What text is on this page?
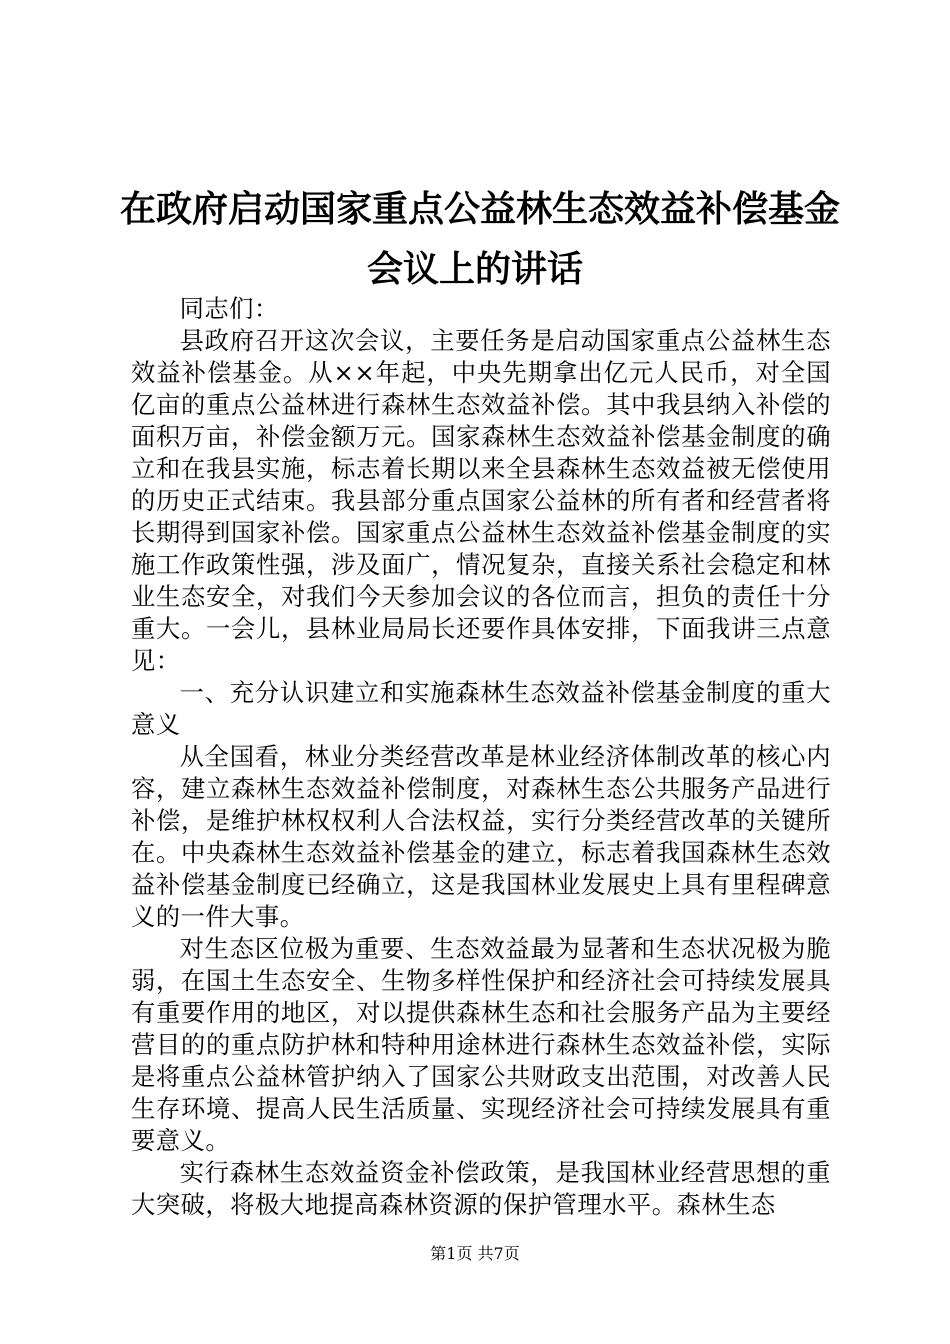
在政府启动国家重点公益林生态效益补偿基金
会议上的讲话

同志们：

县政府召开这次会议，主要任务是启动国家重点公益林生态效益补偿基金。从××年起，中央先期拿出亿元人民币，对全国亿亩的重点公益林进行森林生态效益补偿。其中我县纳入补偿的面积万亩，补偿金额万元。国家森林生态效益补偿基金制度的确立和在我县实施，标志着长期以来全县森林生态效益被无偿使用的历史正式结束。我县部分重点国家公益林的所有者和经营者将长期得到国家补偿。国家重点公益林生态效益补偿基金制度的实施工作政策性强，涉及面广，情况复杂，直接关系社会稳定和林业生态安全，对我们今天参加会议的各位而言，担负的责任十分重大。一会儿，县林业局局长还要作具体安排，下面我讲三点意见：

一、充分认识建立和实施森林生态效益补偿基金制度的重大意义

从全国看，林业分类经营改革是林业经济体制改革的核心内容，建立森林生态效益补偿制度，对森林生态公共服务产品进行补偿，是维护林权权利人合法权益，实行分类经营改革的关键所在。中央森林生态效益补偿基金的建立，标志着我国森林生态效益补偿基金制度已经确立，这是我国林业发展史上具有里程碑意义的一件大事。

对生态区位极为重要、生态效益最为显著和生态状况极为脆弱，在国土生态安全、生物多样性保护和经济社会可持续发展具有重要作用的地区，对以提供森林生态和社会服务产品为主要经营目的的重点防护林和特种用途林进行森林生态效益补偿，实际是将重点公益林管护纳入了国家公共财政支出范围，对改善人民生存环境、提高人民生活质量、实现经济社会可持续发展具有重要意义。

实行森林生态效益资金补偿政策，是我国林业经营思想的重大突破，将极大地提高森林资源的保护管理水平。森林生态

第1页 共7页
